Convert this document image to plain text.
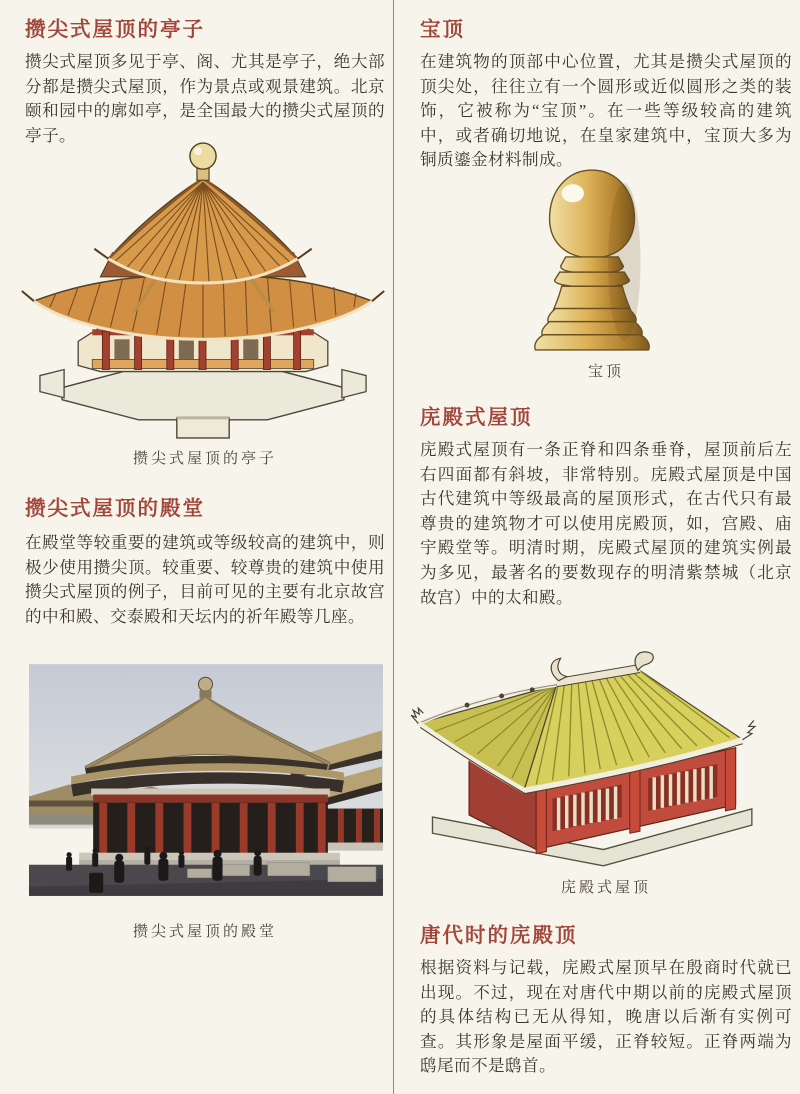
攒尖式屋顶的亭子

攒尖式屋顶多见于亭、阁、尤其是亭子，绝大部分都是攒尖式屋顶，作为景点或观景建筑。北京颐和园中的廓如亭，是全国最大的攒尖式屋顶的亭子。

攒尖式屋顶的亭子
攒尖式屋顶的殿堂

在殿堂等较重要的建筑或等级较高的建筑中，则极少使用攒尖顶。较重要、较尊贵的建筑中使用攒尖式屋顶的例子，目前可见的主要有北京故宫的中和殿、交泰殿和天坛内的祈年殿等几座。

攒尖式屋顶的殿堂
宝顶

在建筑物的顶部中心位置，尤其是攒尖式屋顶的顶尖处，往往立有一个圆形或近似圆形之类的装饰，它被称为“宝顶”。在一些等级较高的建筑中，或者确切地说，在皇家建筑中，宝顶大多为铜质鎏金材料制成。

宝顶
庑殿式屋顶

庑殿式屋顶有一条正脊和四条垂脊，屋顶前后左右四面都有斜坡，非常特别。庑殿式屋顶是中国古代建筑中等级最高的屋顶形式，在古代只有最尊贵的建筑物才可以使用庑殿顶，如，宫殿、庙宇殿堂等。明清时期，庑殿式屋顶的建筑实例最为多见，最著名的要数现存的明清紫禁城（北京故宫）中的太和殿。

庑殿式屋顶
唐代时的庑殿顶

根据资料与记载，庑殿式屋顶早在殷商时代就已出现。不过，现在对唐代中期以前的庑殿式屋顶的具体结构已无从得知，晚唐以后渐有实例可查。其形象是屋面平缓，正脊较短。正脊两端为鸱尾而不是鸱首。
